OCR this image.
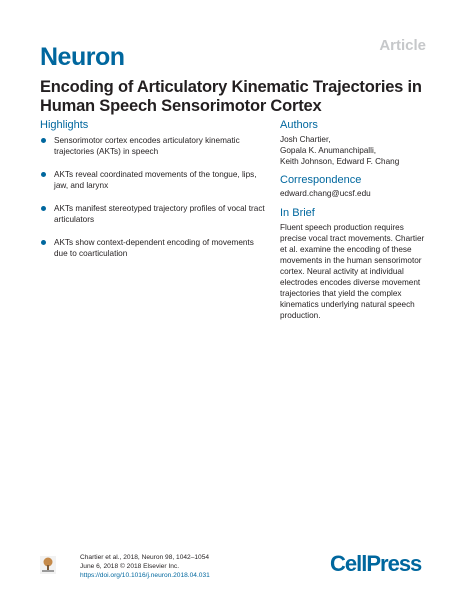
Neuron	Article
Encoding of Articulatory Kinematic Trajectories in
Human Speech Sensorimotor Cortex
Highlights
Sensorimotor cortex encodes articulatory kinematic trajectories (AKTs) in speech
AKTs reveal coordinated movements of the tongue, lips, jaw, and larynx
AKTs manifest stereotyped trajectory profiles of vocal tract articulators
AKTs show context-dependent encoding of movements due to coarticulation
Authors
Josh Chartier,
Gopala K. Anumanchipalli,
Keith Johnson, Edward F. Chang
Correspondence
edward.chang@ucsf.edu
In Brief
Fluent speech production requires precise vocal tract movements. Chartier et al. examine the encoding of these movements in the human sensorimotor cortex. Neural activity at individual electrodes encodes diverse movement trajectories that yield the complex kinematics underlying natural speech production.
Chartier et al., 2018, Neuron 98, 1042–1054
June 6, 2018 © 2018 Elsevier Inc.
https://doi.org/10.1016/j.neuron.2018.04.031	CellPress
